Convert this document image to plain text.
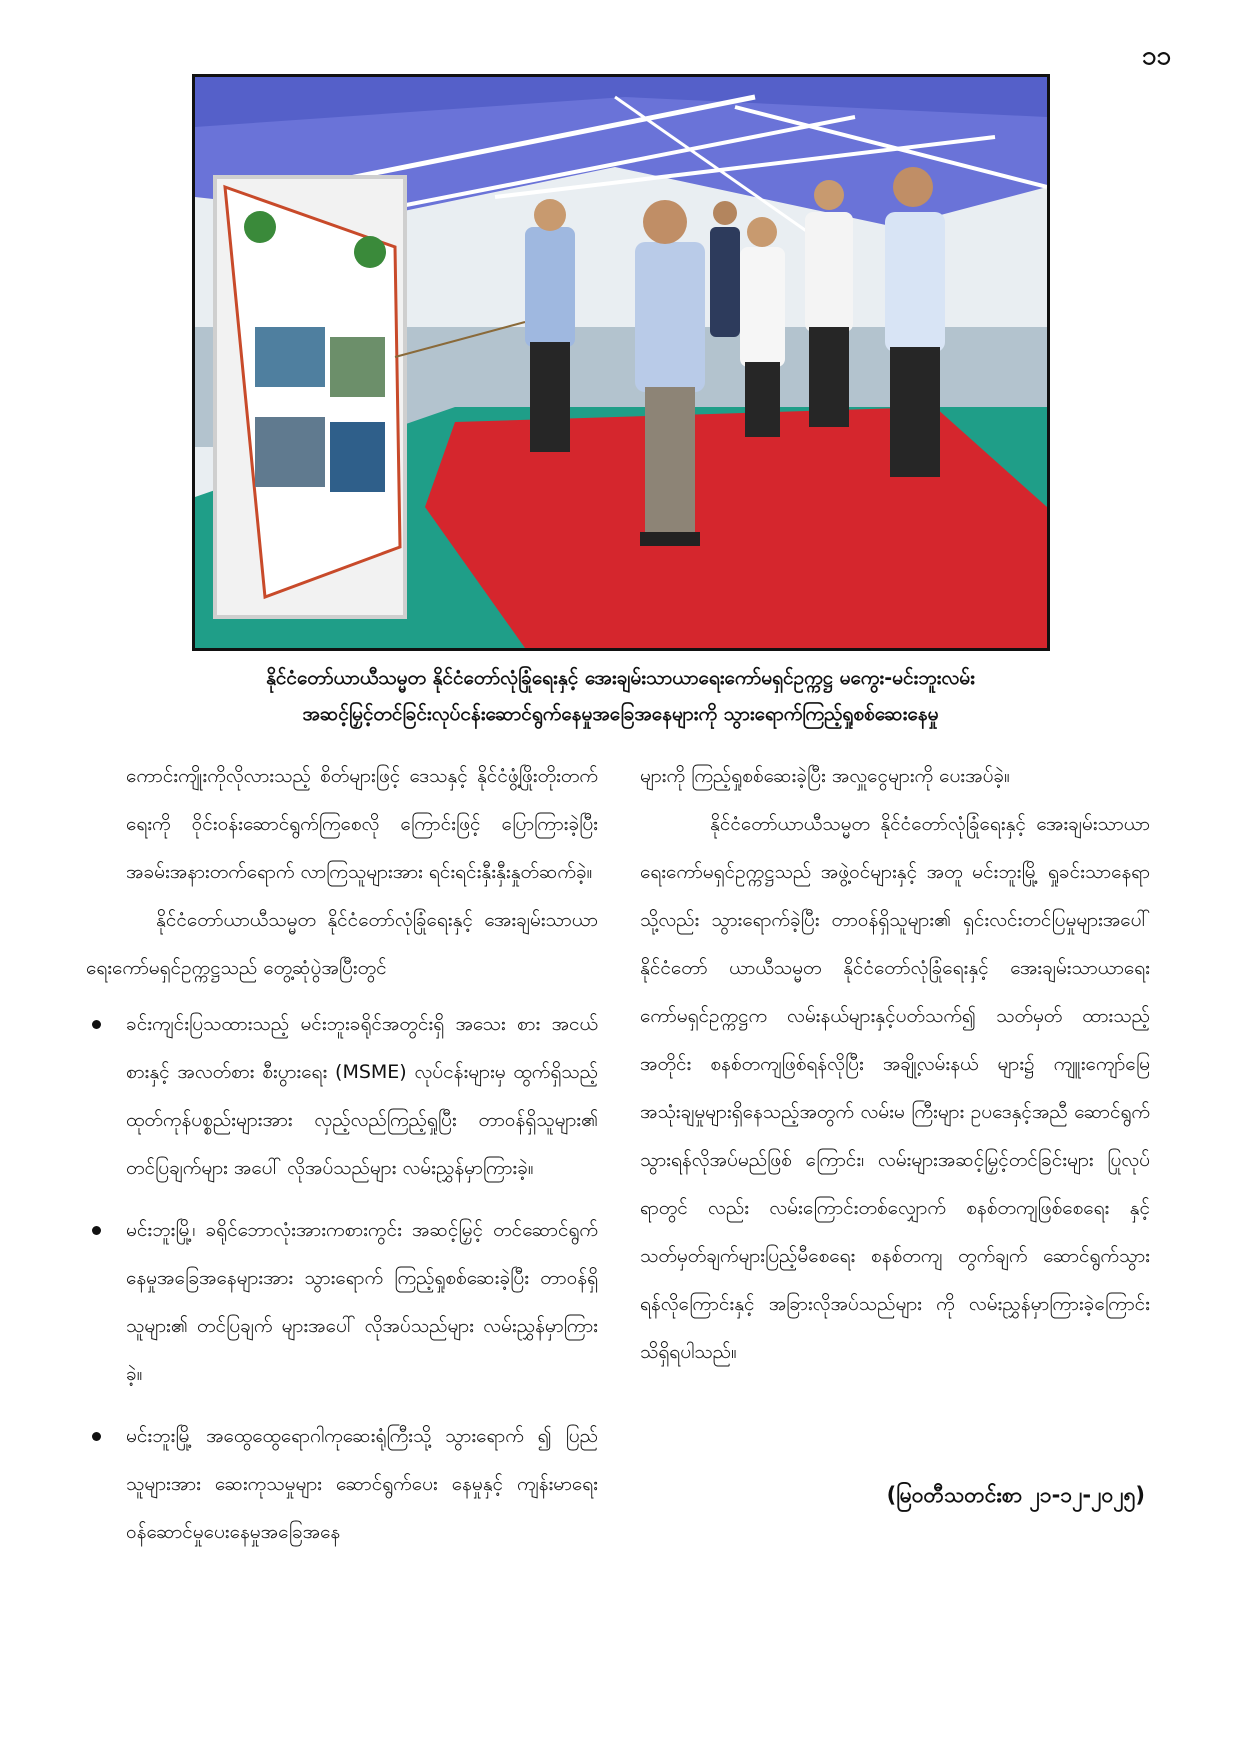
၁၁
နိုင်ငံတော်ယာယီသမ္မတ နိုင်ငံတော်လုံခြုံရေးနှင့် အေးချမ်းသာယာရေးကော်မရှင်ဥက္ကဋ္ဌ မကွေး-မင်းဘူးလမ်း
အဆင့်မြှင့်တင်ခြင်းလုပ်ငန်းဆောင်ရွက်နေမှုအခြေအနေများကို သွားရောက်ကြည့်ရှုစစ်ဆေးနေမှု

ကောင်းကျိုးကိုလိုလားသည့် စိတ်များဖြင့် ဒေသနှင့် နိုင်ငံဖွံ့ဖြိုးတိုးတက်ရေးကို ဝိုင်းဝန်းဆောင်ရွက်ကြစေလို ကြောင်းဖြင့် ပြောကြားခဲ့ပြီး အခမ်းအနားတက်ရောက် လာကြသူများအား ရင်းရင်းနှီးနှီးနှုတ်ဆက်ခဲ့။

နိုင်ငံတော်ယာယီသမ္မတ နိုင်ငံတော်လုံခြုံရေးနှင့် အေးချမ်းသာယာရေးကော်မရှင်ဥက္ကဋ္ဌသည် တွေ့ဆုံပွဲအပြီးတွင်

ခင်းကျင်းပြသထားသည့် မင်းဘူးခရိုင်အတွင်းရှိ အသေး စား အငယ်စားနှင့် အလတ်စား စီးပွားရေး (MSME) လုပ်ငန်းများမှ ထွက်ရှိသည့် ထုတ်ကုန်ပစ္စည်းများအား လှည့်လည်ကြည့်ရှုပြီး တာဝန်ရှိသူများ၏ တင်ပြချက်များ အပေါ် လိုအပ်သည်များ လမ်းညွှန်မှာကြားခဲ့။
မင်းဘူးမြို့၊ ခရိုင်ဘောလုံးအားကစားကွင်း အဆင့်မြှင့် တင်ဆောင်ရွက်နေမှုအခြေအနေများအား သွားရောက် ကြည့်ရှုစစ်ဆေးခဲ့ပြီး တာဝန်ရှိသူများ၏ တင်ပြချက် များအပေါ် လိုအပ်သည်များ လမ်းညွှန်မှာကြားခဲ့။
မင်းဘူးမြို့ အထွေထွေရောဂါကုဆေးရုံကြီးသို့ သွားရောက် ၍ ပြည်သူများအား ဆေးကုသမှုများ ဆောင်ရွက်ပေး နေမှုနှင့် ကျန်းမာရေးဝန်ဆောင်မှုပေးနေမှုအခြေအနေ

များကို ကြည့်ရှုစစ်ဆေးခဲ့ပြီး အလှူငွေများကို ပေးအပ်ခဲ့။

နိုင်ငံတော်ယာယီသမ္မတ နိုင်ငံတော်လုံခြုံရေးနှင့် အေးချမ်းသာယာရေးကော်မရှင်ဥက္ကဋ္ဌသည် အဖွဲ့ဝင်များနှင့် အတူ မင်းဘူးမြို့ ရှုခင်းသာနေရာသို့လည်း သွားရောက်ခဲ့ပြီး တာဝန်ရှိသူများ၏ ရှင်းလင်းတင်ပြမှုများအပေါ် နိုင်ငံတော် ယာယီသမ္မတ နိုင်ငံတော်လုံခြုံရေးနှင့် အေးချမ်းသာယာရေး ကော်မရှင်ဥက္ကဋ္ဌက လမ်းနယ်များနှင့်ပတ်သက်၍ သတ်မှတ် ထားသည့်အတိုင်း စနစ်တကျဖြစ်ရန်လိုပြီး အချို့လမ်းနယ် များ၌ ကျူးကျော်မြေအသုံးချမှုများရှိနေသည့်အတွက် လမ်းမ ကြီးများ ဥပဒေနှင့်အညီ ဆောင်ရွက်သွားရန်လိုအပ်မည်ဖြစ် ကြောင်း၊ လမ်းများအဆင့်မြှင့်တင်ခြင်းများ ပြုလုပ်ရာတွင် လည်း လမ်းကြောင်းတစ်လျှောက် စနစ်တကျဖြစ်စေရေး နှင့် သတ်မှတ်ချက်များပြည့်မီစေရေး စနစ်တကျ တွက်ချက် ဆောင်ရွက်သွားရန်လိုကြောင်းနှင့် အခြားလိုအပ်သည်များ ကို လမ်းညွှန်မှာကြားခဲ့ကြောင်း သိရှိရပါသည်။

(မြဝတီသတင်းစာ ၂၁-၁၂-၂၀၂၅)
